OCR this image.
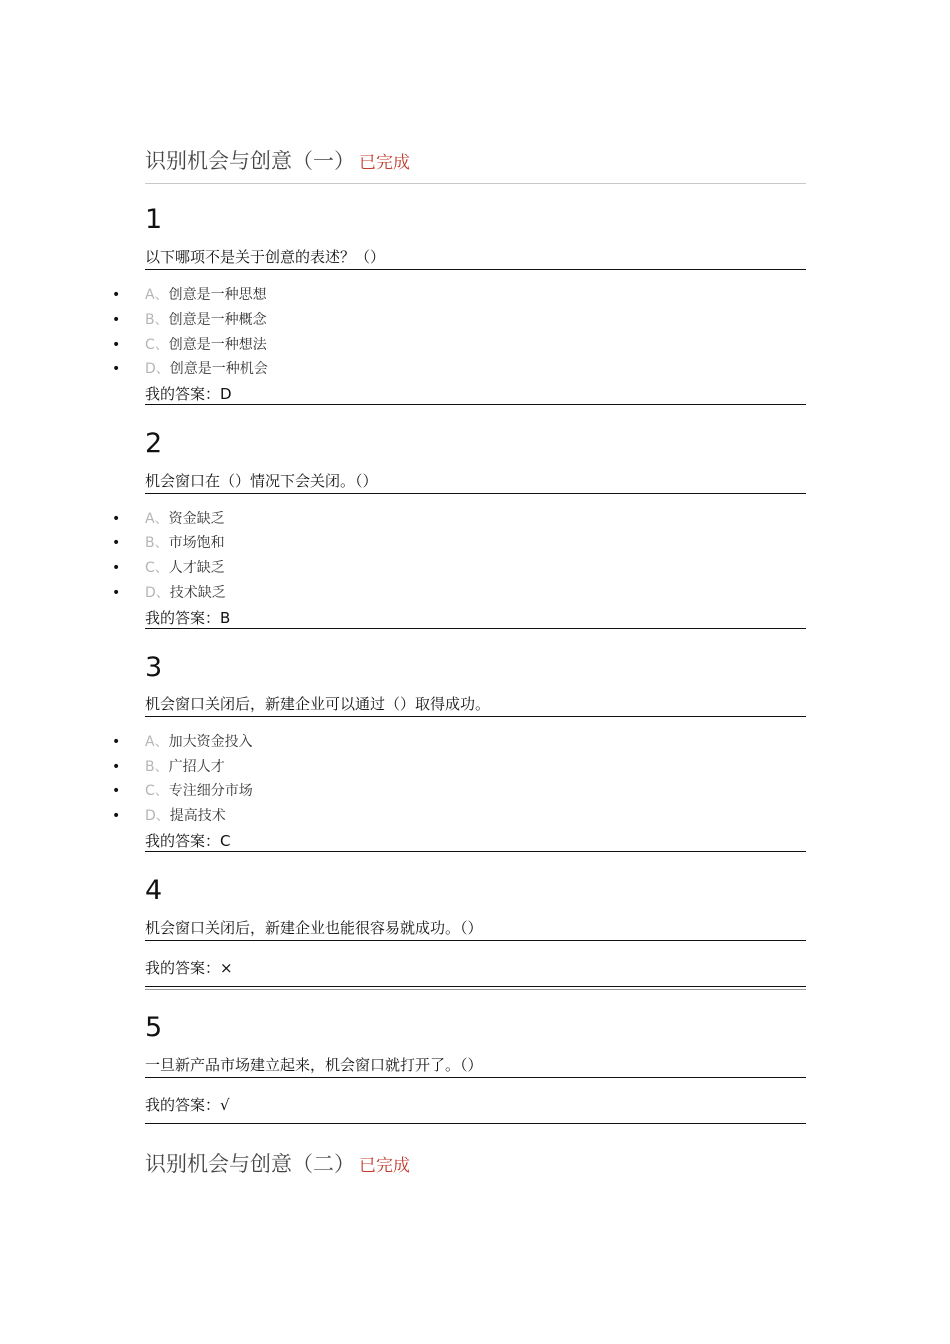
识别机会与创意（一） 已完成
1
以下哪项不是关于创意的表述？（）
• A、创意是一种思想
• B、创意是一种概念
• C、创意是一种想法
• D、创意是一种机会
我的答案：D
2
机会窗口在（）情况下会关闭。（）
• A、资金缺乏
• B、市场饱和
• C、人才缺乏
• D、技术缺乏
我的答案：B
3
机会窗口关闭后，新建企业可以通过（）取得成功。
• A、加大资金投入
• B、广招人才
• C、专注细分市场
• D、提高技术
我的答案：C
4
机会窗口关闭后，新建企业也能很容易就成功。（）
我的答案：×
5
一旦新产品市场建立起来，机会窗口就打开了。（）
我的答案：√
识别机会与创意（二） 已完成
